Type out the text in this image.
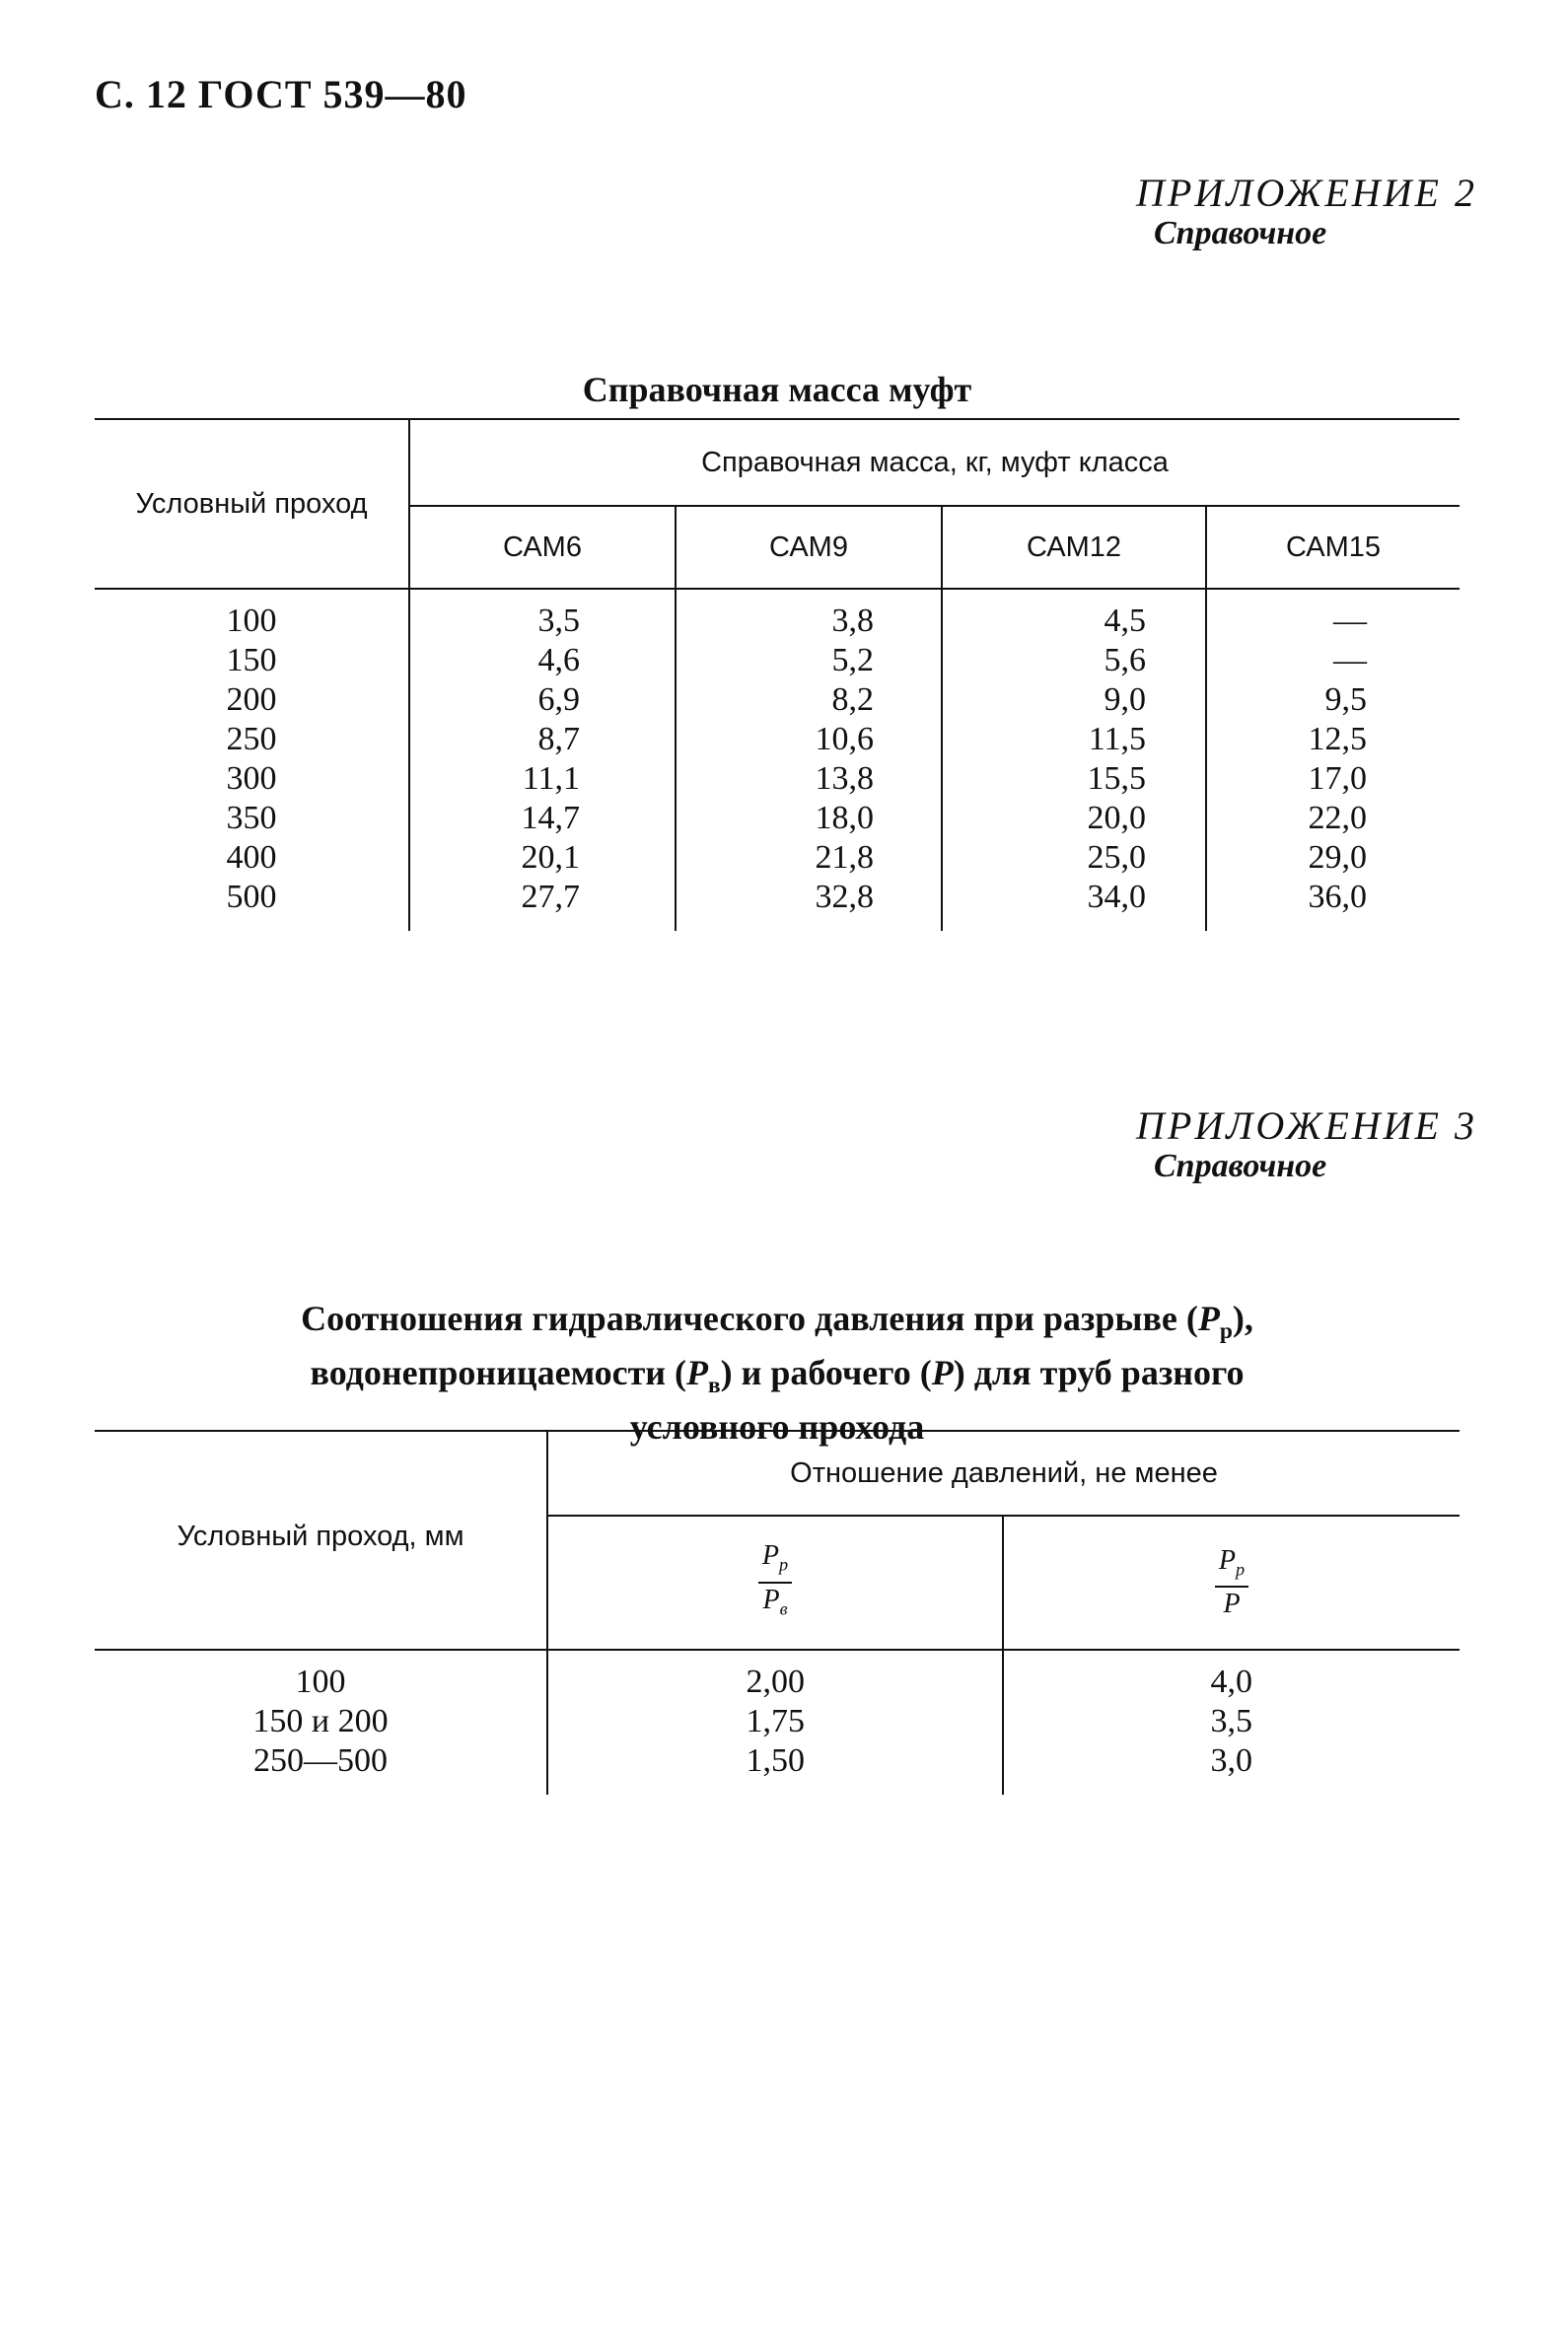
С. 12 ГОСТ 539—80
ПРИЛОЖЕНИЕ 2
Справочное
Справочная масса муфт
Условный проход	Справочная масса, кг, муфт класса			
	САМ6	САМ9	САМ12	САМ15
100	3,5	3,8	4,5	—
150	4,6	5,2	5,6	—
200	6,9	8,2	9,0	9,5
250	8,7	10,6	11,5	12,5
300	11,1	13,8	15,5	17,0
350	14,7	18,0	20,0	22,0
400	20,1	21,8	25,0	29,0
500	27,7	32,8	34,0	36,0
ПРИЛОЖЕНИЕ 3
Справочное
Соотношения гидравлического давления при разрыве $(P_р)$,
водонепроницаемости $(P_в)$ и рабочего (P) для труб разного
условного прохода
Условный проход, мм	Отношение давлений, не менее	

	$\frac{P_р}{P_в}$	$\frac{P_р}{P}$

100	2,00	4,0
150 и 200	1,75	3,5
250—500	1,50	3,0
